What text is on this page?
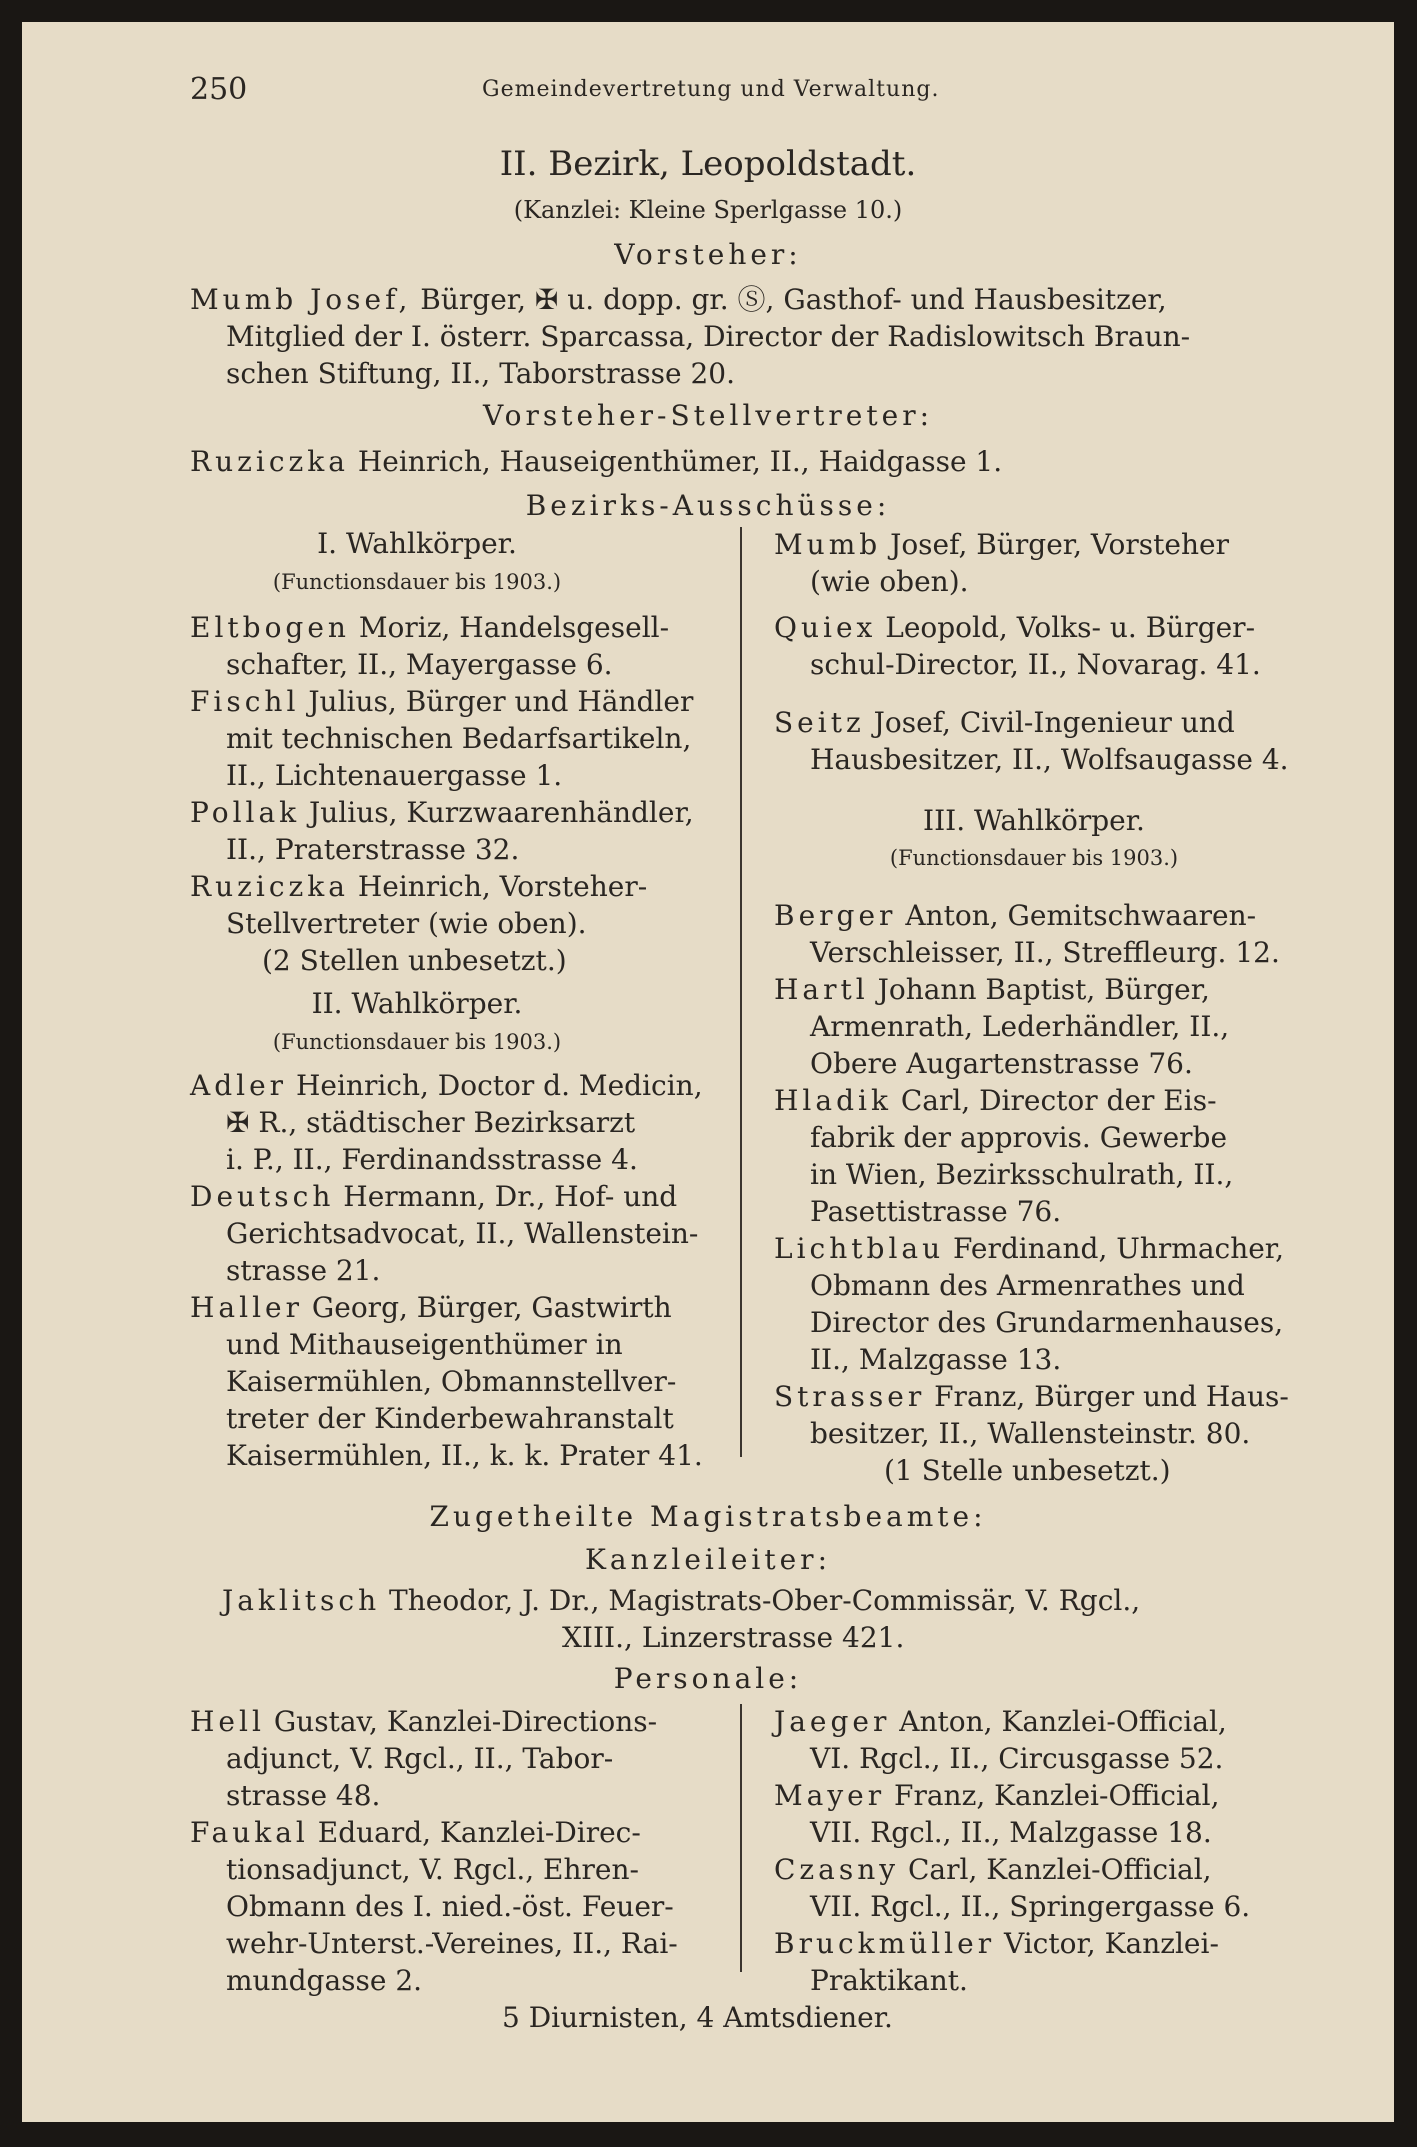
250	Gemeindevertretung und Verwaltung.
II. Bezirk, Leopoldstadt.
(Kanzlei: Kleine Sperlgasse 10.)
Vorsteher:
Mumb Josef, Bürger, ✠ u. dopp. gr. Ⓢ, Gasthof- und Hausbesitzer,
Mitglied der I. österr. Sparcassa, Director der Radislowitsch Braun-
schen Stiftung, II., Taborstrasse 20.
Vorsteher-Stellvertreter:
Ruziczka Heinrich, Hauseigenthümer, II., Haidgasse 1.
Bezirks-Ausschüsse:
I. Wahlkörper.
(Functionsdauer bis 1903.)
Eltbogen Moriz, Handelsgesell-
schafter, II., Mayergasse 6.
Fischl Julius, Bürger und Händler
mit technischen Bedarfsartikeln,
II., Lichtenauergasse 1.
Pollak Julius, Kurzwaarenhändler,
II., Praterstrasse 32.
Ruziczka Heinrich, Vorsteher-
Stellvertreter (wie oben).
(2 Stellen unbesetzt.)
II. Wahlkörper.
(Functionsdauer bis 1903.)
Adler Heinrich, Doctor d. Medicin,
✠ R., städtischer Bezirksarzt
i. P., II., Ferdinandsstrasse 4.
Deutsch Hermann, Dr., Hof- und
Gerichtsadvocat, II., Wallenstein-
strasse 21.
Haller Georg, Bürger, Gastwirth
und Mithauseigenthümer in
Kaisermühlen, Obmannstellver-
treter der Kinderbewahranstalt
Kaisermühlen, II., k. k. Prater 41.
Mumb Josef, Bürger, Vorsteher
(wie oben).
Quiex Leopold, Volks- u. Bürger-
schul-Director, II., Novarag. 41.
Seitz Josef, Civil-Ingenieur und
Hausbesitzer, II., Wolfsaugasse 4.
III. Wahlkörper.
(Functionsdauer bis 1903.)
Berger Anton, Gemitschwaaren-
Verschleisser, II., Streffleurg. 12.
Hartl Johann Baptist, Bürger,
Armenrath, Lederhändler, II.,
Obere Augartenstrasse 76.
Hladik Carl, Director der Eis-
fabrik der approvis. Gewerbe
in Wien, Bezirksschulrath, II.,
Pasettistrasse 76.
Lichtblau Ferdinand, Uhrmacher,
Obmann des Armenrathes und
Director des Grundarmenhauses,
II., Malzgasse 13.
Strasser Franz, Bürger und Haus-
besitzer, II., Wallensteinstr. 80.
(1 Stelle unbesetzt.)
Zugetheilte Magistratsbeamte:
Kanzleileiter:
Jaklitsch Theodor, J. Dr., Magistrats-Ober-Commissär, V. Rgcl.,
XIII., Linzerstrasse 421.
Personale:
Hell Gustav, Kanzlei-Directions-
adjunct, V. Rgcl., II., Tabor-
strasse 48.
Faukal Eduard, Kanzlei-Direc-
tionsadjunct, V. Rgcl., Ehren-
Obmann des I. nied.-öst. Feuer-
wehr-Unterst.-Vereines, II., Rai-
mundgasse 2.
Jaeger Anton, Kanzlei-Official,
VI. Rgcl., II., Circusgasse 52.
Mayer Franz, Kanzlei-Official,
VII. Rgcl., II., Malzgasse 18.
Czasny Carl, Kanzlei-Official,
VII. Rgcl., II., Springergasse 6.
Bruckmüller Victor, Kanzlei-
Praktikant.
5 Diurnisten, 4 Amtsdiener.
